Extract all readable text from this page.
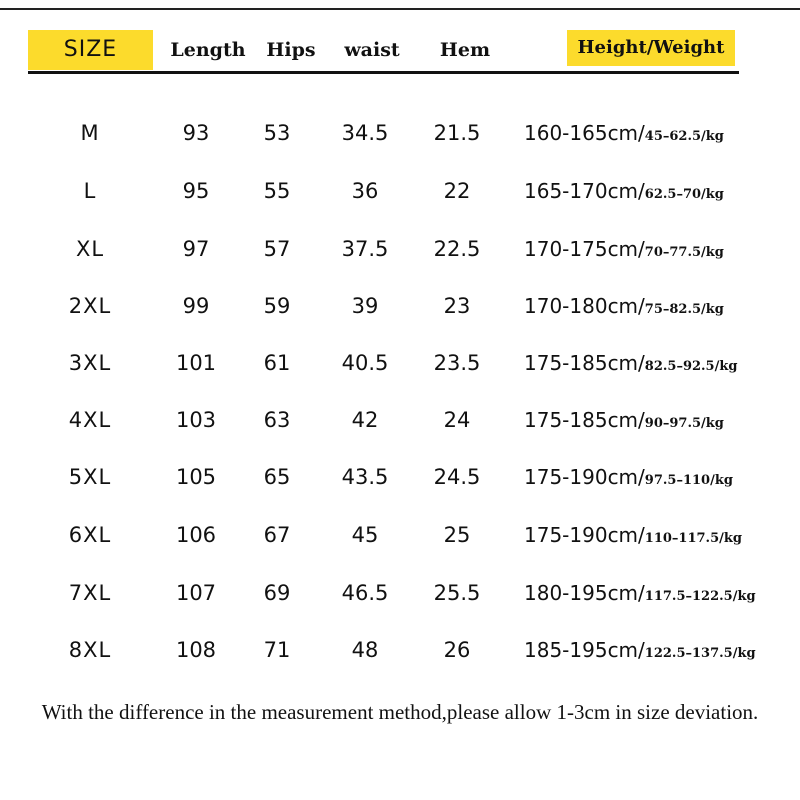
SIZE	Length	Hips	waist	Hem	Height/Weight
M	93	53	34.5	21.5	160-165cm/45–62.5/kg
L	95	55	36	22	165-170cm/62.5–70/kg
XL	97	57	37.5	22.5	170-175cm/70–77.5/kg
2XL	99	59	39	23	170-180cm/75–82.5/kg
3XL	101	61	40.5	23.5	175-185cm/82.5–92.5/kg
4XL	103	63	42	24	175-185cm/90–97.5/kg
5XL	105	65	43.5	24.5	175-190cm/97.5–110/kg
6XL	106	67	45	25	175-190cm/110–117.5/kg
7XL	107	69	46.5	25.5	180-195cm/117.5–122.5/kg
8XL	108	71	48	26	185-195cm/122.5–137.5/kg
With the difference in the measurement method,please allow 1-3cm in size deviation.
